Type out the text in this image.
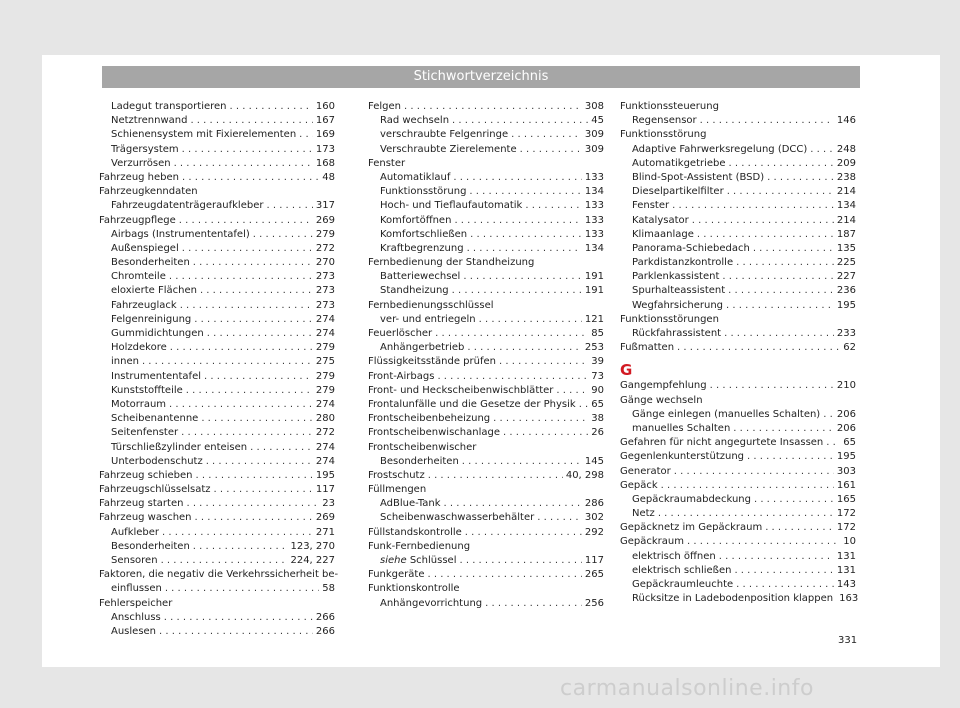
Stichwortverzeichnis
Ladegut transportieren . . .	160
Netztrennwand . . .	167
Schienensystem mit Fixierelementen . . . 169
Trägersystem . . .	173
Verzurrösen . . .	168
Fahrzeug heben . . .	48
Fahrzeugkenndaten
Fahrzeugdatenträgeraufkleber . . .	317
Fahrzeugpflege . . .	269
Airbags (Instrumententafel) . . .	279
Außenspiegel . . .	272
Besonderheiten . . .	270
Chromteile . . .	273
eloxierte Flächen . . .	273
Fahrzeuglack . . .	273
Felgenreinigung . . .	274
Gummidichtungen . . .	274
Holzdekore . . .	279
innen . . .	275
Instrumententafel . . .	279
Kunststoffteile . . .	279
Motorraum . . .	274
Scheibenantenne . . .	280
Seitenfenster . . .	272
Türschließzylinder enteisen . . .	274
Unterbodenschutz . . .	274
Fahrzeug schieben . . .	195
Fahrzeugschlüsselsatz . . .	117
Fahrzeug starten . . .	23
Fahrzeug waschen . . .	269
Aufkleber . . .	271
Besonderheiten . . .	123, 270
Sensoren . . .	224, 227
Faktoren, die negativ die Verkehrssicherheit be-
einflussen . . .	58
Fehlerspeicher
Anschluss . . .	266
Auslesen . . .	266
Felgen . . .	308
Rad wechseln . . .	45
verschraubte Felgenringe . . .	309
Verschraubte Zierelemente . . .	309
Fenster
Automatiklauf . . .	133
Funktionsstörung . . .	134
Hoch- und Tieflaufautomatik . . .	133
Komfortöffnen . . .	133
Komfortschließen . . .	133
Kraftbegrenzung . . .	134
Fernbedienung der Standheizung
Batteriewechsel . . .	191
Standheizung . . .	191
Fernbedienungsschlüssel
ver- und entriegeln . . .	121
Feuerlöscher . . .	85
Anhängerbetrieb . . .	253
Flüssigkeitsstände prüfen . . .	39
Front-Airbags . . .	73
Front- und Heckscheibenwischblätter . . .	90
Frontalunfälle und die Gesetze der Physik . . . 65
Frontscheibenbeheizung . . .	38
Frontscheibenwischanlage . . .	26
Frontscheibenwischer
Besonderheiten . . .	145
Frostschutz . . .	40, 298
Füllmengen
AdBlue-Tank . . .	286
Scheibenwaschwasserbehälter . . .	302
Füllstandskontrolle . . .	292
Funk-Fernbedienung
siehe Schlüssel . . .	117
Funkgeräte . . .	265
Funktionskontrolle
Anhängevorrichtung . . .	256
Funktionssteuerung
Regensensor . . .	146
Funktionsstörung
Adaptive Fahrwerksregelung (DCC) . . .	248
Automatikgetriebe . . .	209
Blind-Spot-Assistent (BSD) . . .	238
Dieselpartikelfilter . . .	214
Fenster . . .	134
Katalysator . . .	214
Klimaanlage . . .	187
Panorama-Schiebedach . . .	135
Parkdistanzkontrolle . . .	225
Parklenkassistent . . .	227
Spurhalteassistent . . .	236
Wegfahrsicherung . . .	195
Funktionsstörungen
Rückfahrassistent . . .	233
Fußmatten . . .	62
G
Gangempfehlung . . .	210
Gänge wechseln
Gänge einlegen (manuelles Schalten) . . . 206
manuelles Schalten . . .	206
Gefahren für nicht angegurtete Insassen . . . 65
Gegenlenkunterstützung . . .	195
Generator . . .	303
Gepäck . . .	161
Gepäckraumabdeckung . . .	165
Netz . . .	172
Gepäcknetz im Gepäckraum . . .	172
Gepäckraum . . .	10
elektrisch öffnen . . .	131
elektrisch schließen . . .	131
Gepäckraumleuchte . . .	143
Rücksitze in Ladebodenposition klappen 163
331
carmanualsonline.info
